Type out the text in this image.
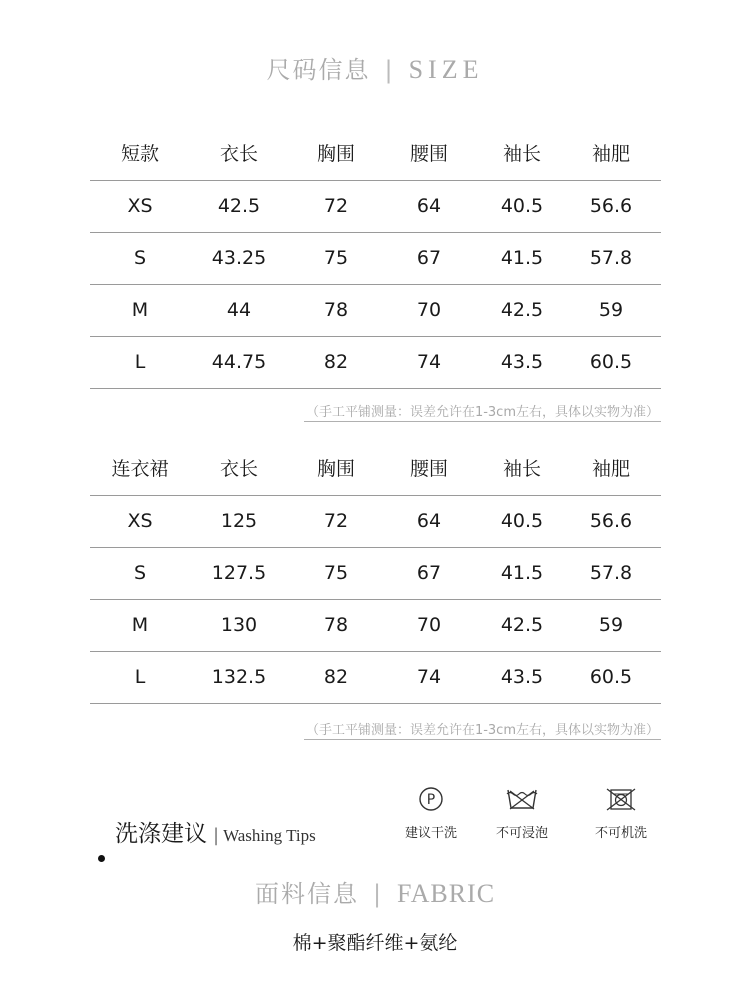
尺码信息 | SIZE
短款	衣长	胸围	腰围	袖长	袖肥
XS	42.5	72	64	40.5 56.6
S	43.25	75	67	41.5 57.8
M	44	78	70	42.5	59
L	44.75	82	74	43.5 60.5
（手工平铺测量：误差允许在1-3cm左右，具体以实物为准）
连衣裙	衣长	胸围	腰围	袖长	袖肥
XS	125	72	64	40.5 56.6
S	127.5	75	67	41.5 57.8
M	130	78	70	42.5	59
L	132.5	82	74	43.5 60.5
（手工平铺测量：误差允许在1-3cm左右，具体以实物为准）
洗涤建议 | Washing Tips
P
建议干洗	不可浸泡	不可机洗
面料信息 | FABRIC
棉+聚酯纤维+氨纶
